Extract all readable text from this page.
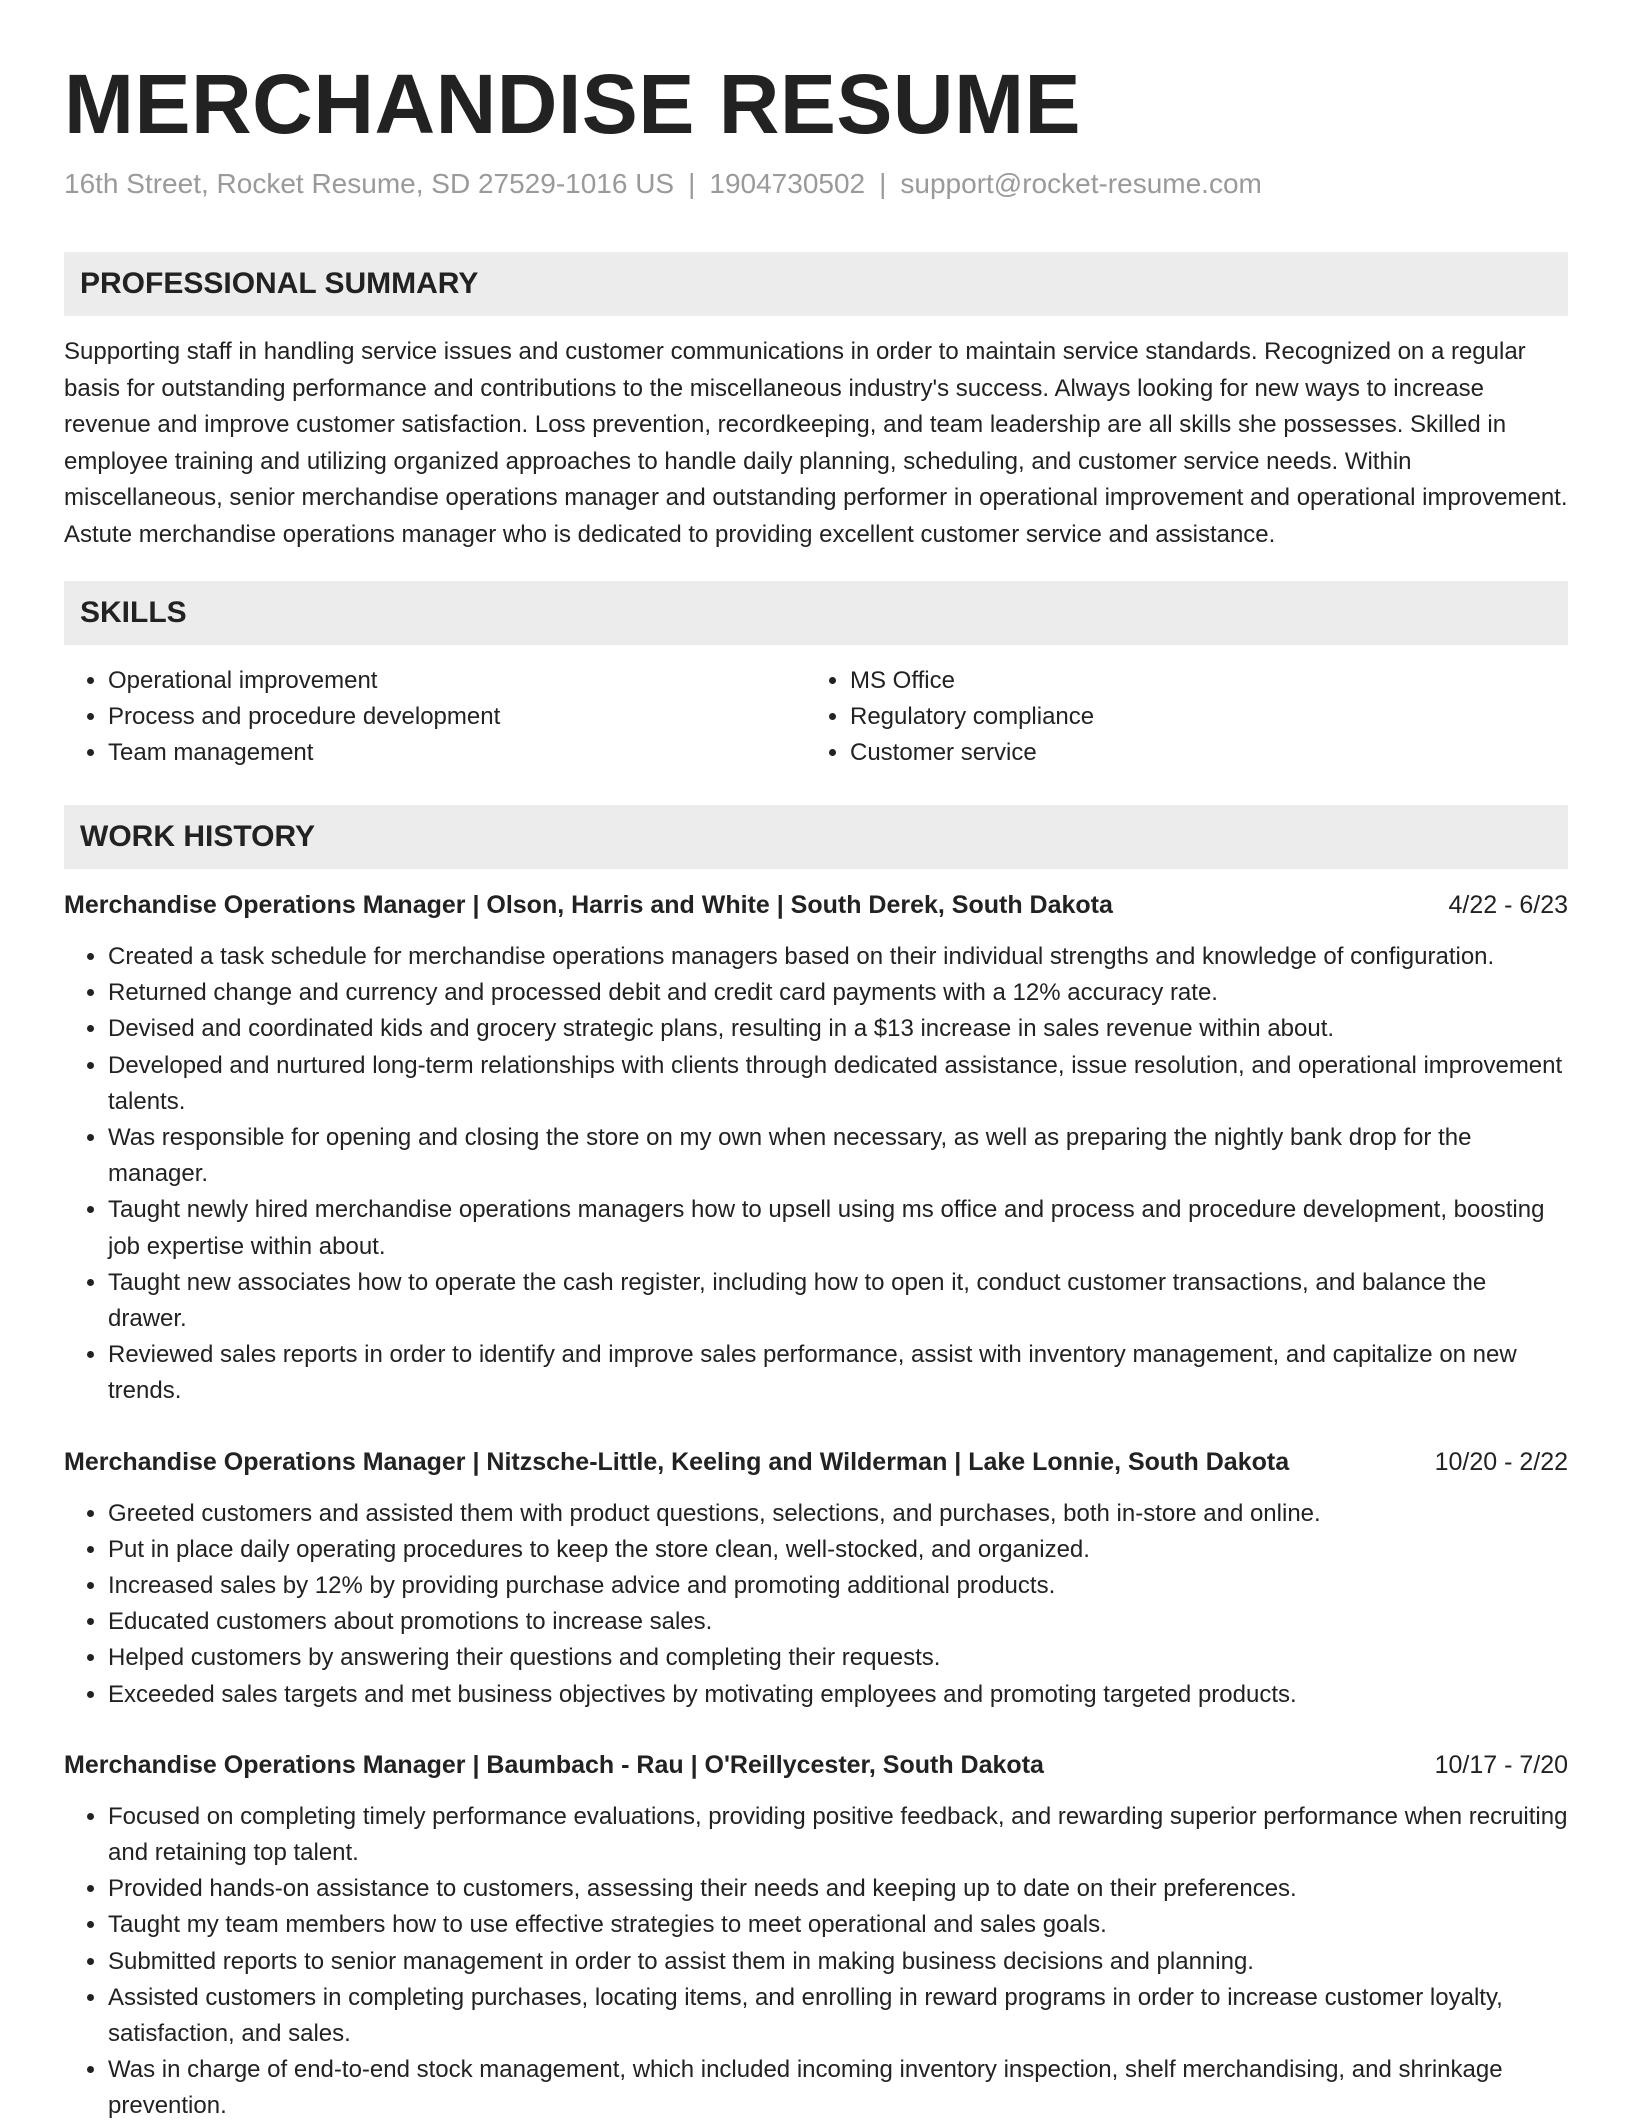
MERCHANDISE RESUME
16th Street, Rocket Resume, SD 27529-1016 US | 1904730502 | support@rocket-resume.com
PROFESSIONAL SUMMARY
Supporting staff in handling service issues and customer communications in order to maintain service standards. Recognized on a regular basis for outstanding performance and contributions to the miscellaneous industry's success. Always looking for new ways to increase revenue and improve customer satisfaction. Loss prevention, recordkeeping, and team leadership are all skills she possesses. Skilled in employee training and utilizing organized approaches to handle daily planning, scheduling, and customer service needs. Within miscellaneous, senior merchandise operations manager and outstanding performer in operational improvement and operational improvement. Astute merchandise operations manager who is dedicated to providing excellent customer service and assistance.
SKILLS
• Operational improvement
• Process and procedure development
• Team management
• MS Office
• Regulatory compliance
• Customer service
WORK HISTORY
Merchandise Operations Manager | Olson, Harris and White | South Derek, South Dakota	4/22 - 6/23
• Created a task schedule for merchandise operations managers based on their individual strengths and knowledge of configuration.
• Returned change and currency and processed debit and credit card payments with a 12% accuracy rate.
• Devised and coordinated kids and grocery strategic plans, resulting in a $13 increase in sales revenue within about.
• Developed and nurtured long-term relationships with clients through dedicated assistance, issue resolution, and operational improvement talents.
• Was responsible for opening and closing the store on my own when necessary, as well as preparing the nightly bank drop for the manager.
• Taught newly hired merchandise operations managers how to upsell using ms office and process and procedure development, boosting job expertise within about.
• Taught new associates how to operate the cash register, including how to open it, conduct customer transactions, and balance the drawer.
• Reviewed sales reports in order to identify and improve sales performance, assist with inventory management, and capitalize on new trends.
Merchandise Operations Manager | Nitzsche-Little, Keeling and Wilderman | Lake Lonnie, South Dakota	10/20 - 2/22
• Greeted customers and assisted them with product questions, selections, and purchases, both in-store and online.
• Put in place daily operating procedures to keep the store clean, well-stocked, and organized.
• Increased sales by 12% by providing purchase advice and promoting additional products.
• Educated customers about promotions to increase sales.
• Helped customers by answering their questions and completing their requests.
• Exceeded sales targets and met business objectives by motivating employees and promoting targeted products.
Merchandise Operations Manager | Baumbach - Rau | O'Reillycester, South Dakota	10/17 - 7/20
• Focused on completing timely performance evaluations, providing positive feedback, and rewarding superior performance when recruiting and retaining top talent.
• Provided hands-on assistance to customers, assessing their needs and keeping up to date on their preferences.
• Taught my team members how to use effective strategies to meet operational and sales goals.
• Submitted reports to senior management in order to assist them in making business decisions and planning.
• Assisted customers in completing purchases, locating items, and enrolling in reward programs in order to increase customer loyalty, satisfaction, and sales.
• Was in charge of end-to-end stock management, which included incoming inventory inspection, shelf merchandising, and shrinkage prevention.
